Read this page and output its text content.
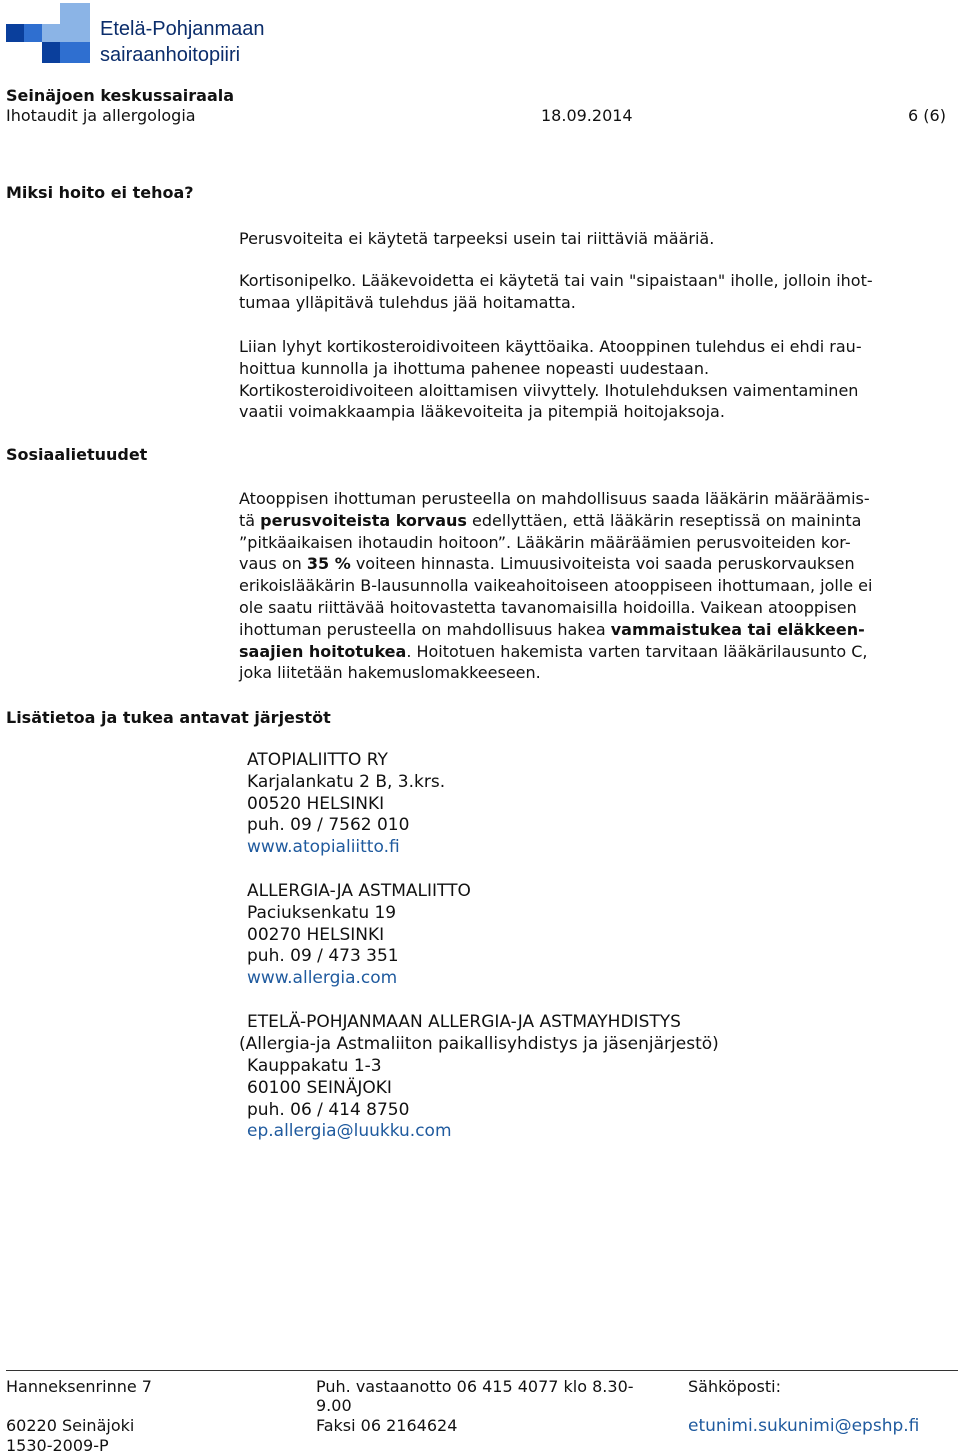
Etelä-Pohjanmaan
sairaanhoitopiiri
Seinäjoen keskussairaala
Ihotaudit ja allergologia	18.09.2014	6 (6)
Miksi hoito ei tehoa?
Perusvoiteita ei käytetä tarpeeksi usein tai riittäviä määriä.
Kortisonipelko. Lääkevoidetta ei käytetä tai vain "sipaistaan" iholle, jolloin ihot-
tumaa ylläpitävä tulehdus jää hoitamatta.
Liian lyhyt kortikosteroidivoiteen käyttöaika. Atooppinen tulehdus ei ehdi rau-
hoittua kunnolla ja ihottuma pahenee nopeasti uudestaan.
Kortikosteroidivoiteen aloittamisen viivyttely. Ihotulehduksen vaimentaminen
vaatii voimakkaampia lääkevoiteita ja pitempiä hoitojaksoja.
Sosiaalietuudet
Atooppisen ihottuman perusteella on mahdollisuus saada lääkärin määräämis-
tä perusvoiteista korvaus edellyttäen, että lääkärin reseptissä on maininta
”pitkäaikaisen ihotaudin hoitoon”. Lääkärin määräämien perusvoiteiden kor-
vaus on 35 % voiteen hinnasta. Limuusivoiteista voi saada peruskorvauksen
erikoislääkärin B-lausunnolla vaikeahoitoiseen atooppiseen ihottumaan, jolle ei
ole saatu riittävää hoitovastetta tavanomaisilla hoidoilla. Vaikean atooppisen
ihottuman perusteella on mahdollisuus hakea vammaistukea tai eläkkeen-
saajien hoitotukea. Hoitotuen hakemista varten tarvitaan lääkärilausunto C,
joka liitetään hakemuslomakkeeseen.
Lisätietoa ja tukea antavat järjestöt
ATOPIALIITTO RY
Karjalankatu 2 B, 3.krs.
00520 HELSINKI
puh. 09 / 7562 010
www.atopialiitto.fi
ALLERGIA-JA ASTMALIITTO
Paciuksenkatu 19
00270 HELSINKI
puh. 09 / 473 351
www.allergia.com
ETELÄ-POHJANMAAN ALLERGIA-JA ASTMAYHDISTYS
(Allergia-ja Astmaliiton paikallisyhdistys ja jäsenjärjestö)
Kauppakatu 1-3
60100 SEINÄJOKI
puh. 06 / 414 8750
ep.allergia@luukku.com
Hanneksenrinne 7
60220 Seinäjoki
1530-2009-P
Puh. vastaanotto 06 415 4077 klo 8.30-
9.00
Faksi 06 2164624
Sähköposti:
etunimi.sukunimi@epshp.fi
